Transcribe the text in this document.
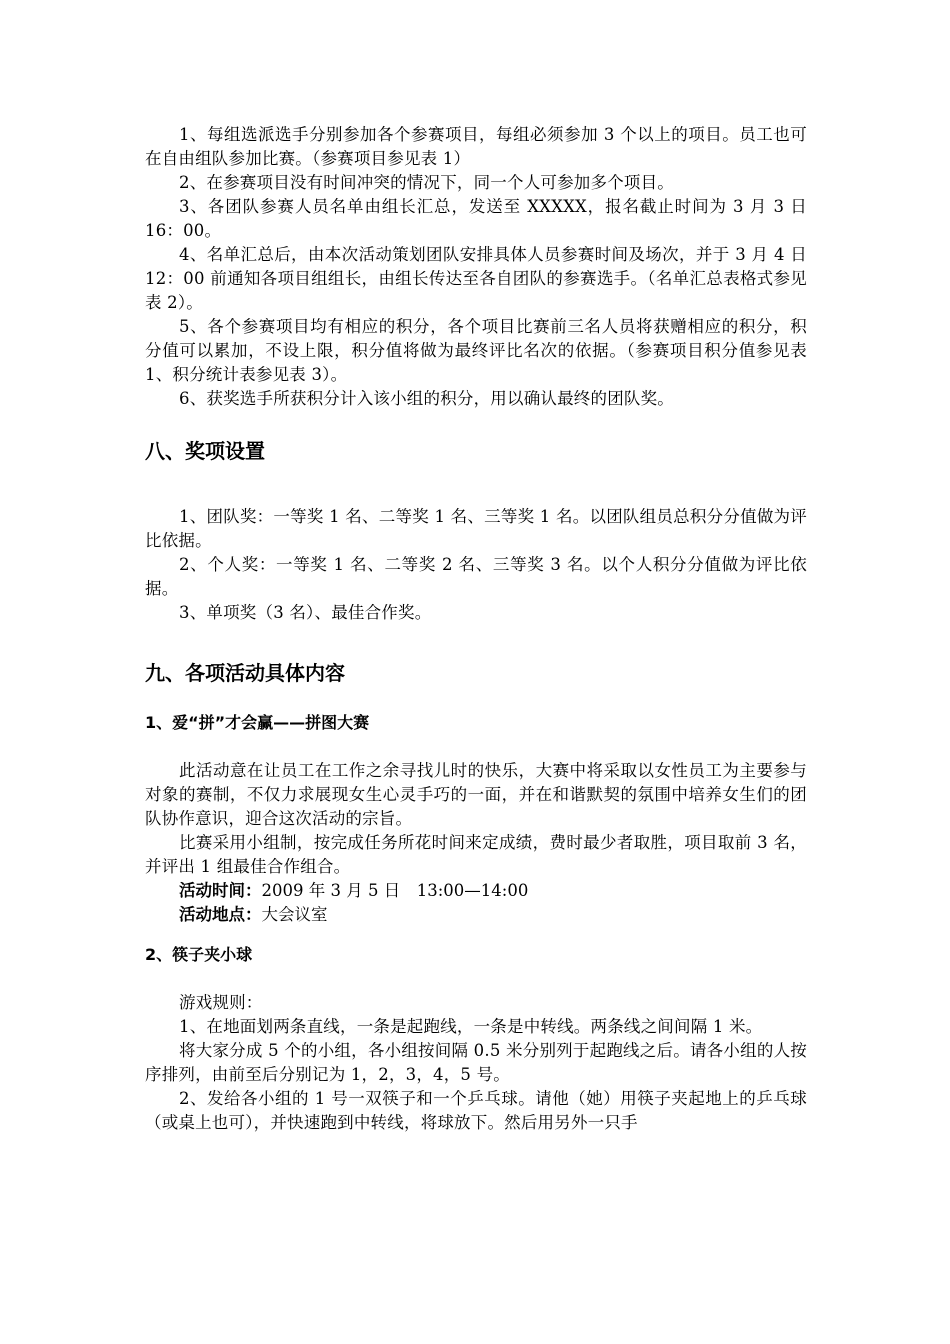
1、每组选派选手分别参加各个参赛项目，每组必须参加 3 个以上的项目。员工也可在自由组队参加比赛。（参赛项目参见表 1）

2、在参赛项目没有时间冲突的情况下，同一个人可参加多个项目。

3、各团队参赛人员名单由组长汇总，发送至 XXXXX，报名截止时间为 3 月 3 日 16：00。

4、名单汇总后，由本次活动策划团队安排具体人员参赛时间及场次，并于 3 月 4 日 12：00 前通知各项目组组长，由组长传达至各自团队的参赛选手。（名单汇总表格式参见表 2）。

5、各个参赛项目均有相应的积分，各个项目比赛前三名人员将获赠相应的积分，积分值可以累加，不设上限，积分值将做为最终评比名次的依据。（参赛项目积分值参见表 1、积分统计表参见表 3）。

6、获奖选手所获积分计入该小组的积分，用以确认最终的团队奖。

八、奖项设置

1、团队奖：一等奖 1 名、二等奖 1 名、三等奖 1 名。以团队组员总积分分值做为评比依据。

2、个人奖：一等奖 1 名、二等奖 2 名、三等奖 3 名。以个人积分分值做为评比依据。

3、单项奖（3 名）、最佳合作奖。

九、各项活动具体内容
1、爱“拼”才会赢——拼图大赛

此活动意在让员工在工作之余寻找儿时的快乐，大赛中将采取以女性员工为主要参与对象的赛制，不仅力求展现女生心灵手巧的一面，并在和谐默契的氛围中培养女生们的团队协作意识，迎合这次活动的宗旨。

比赛采用小组制，按完成任务所花时间来定成绩，费时最少者取胜，项目取前 3 名，并评出 1 组最佳合作组合。

活动时间：2009 年 3 月 5 日　13:00—14:00

活动地点：大会议室

2、筷子夹小球

游戏规则：

1、在地面划两条直线，一条是起跑线，一条是中转线。两条线之间间隔 1 米。

将大家分成 5 个的小组，各小组按间隔 0.5 米分别列于起跑线之后。请各小组的人按序排列，由前至后分别记为 1，2，3，4，5 号。

2、发给各小组的 1 号一双筷子和一个乒乓球。请他（她）用筷子夹起地上的乒乓球（或桌上也可），并快速跑到中转线，将球放下。然后用另外一只手
